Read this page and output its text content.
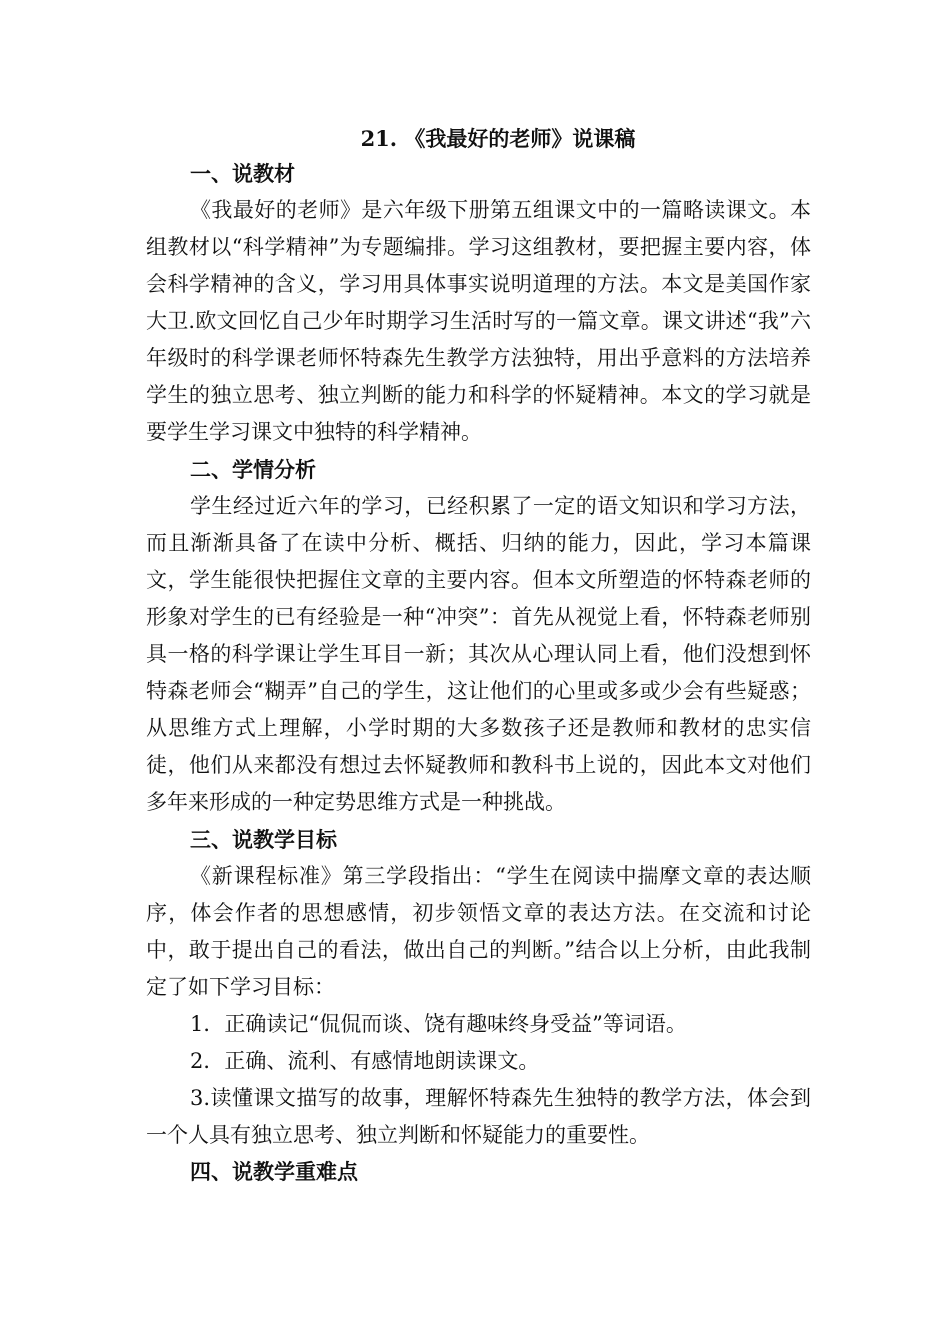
21. 《我最好的老师》说课稿
一、说教材
《我最好的老师》是六年级下册第五组课文中的一篇略读课文。本组教材以“科学精神”为专题编排。学习这组教材，要把握主要内容，体会科学精神的含义，学习用具体事实说明道理的方法。本文是美国作家大卫.欧文回忆自己少年时期学习生活时写的一篇文章。课文讲述“我”六年级时的科学课老师怀特森先生教学方法独特，用出乎意料的方法培养学生的独立思考、独立判断的能力和科学的怀疑精神。本文的学习就是要学生学习课文中独特的科学精神。
二、学情分析
学生经过近六年的学习，已经积累了一定的语文知识和学习方法，而且渐渐具备了在读中分析、概括、归纳的能力，因此，学习本篇课文，学生能很快把握住文章的主要内容。但本文所塑造的怀特森老师的形象对学生的已有经验是一种“冲突”：首先从视觉上看，怀特森老师别具一格的科学课让学生耳目一新；其次从心理认同上看，他们没想到怀特森老师会“糊弄”自己的学生，这让他们的心里或多或少会有些疑惑；从思维方式上理解，小学时期的大多数孩子还是教师和教材的忠实信徒，他们从来都没有想过去怀疑教师和教科书上说的，因此本文对他们多年来形成的一种定势思维方式是一种挑战。
三、说教学目标
《新课程标准》第三学段指出：“学生在阅读中揣摩文章的表达顺序，体会作者的思想感情，初步领悟文章的表达方法。在交流和讨论中，敢于提出自己的看法，做出自己的判断。”结合以上分析，由此我制定了如下学习目标：
1．正确读记“侃侃而谈、饶有趣味终身受益”等词语。
2．正确、流利、有感情地朗读课文。
3.读懂课文描写的故事，理解怀特森先生独特的教学方法，体会到一个人具有独立思考、独立判断和怀疑能力的重要性。
四、说教学重难点
